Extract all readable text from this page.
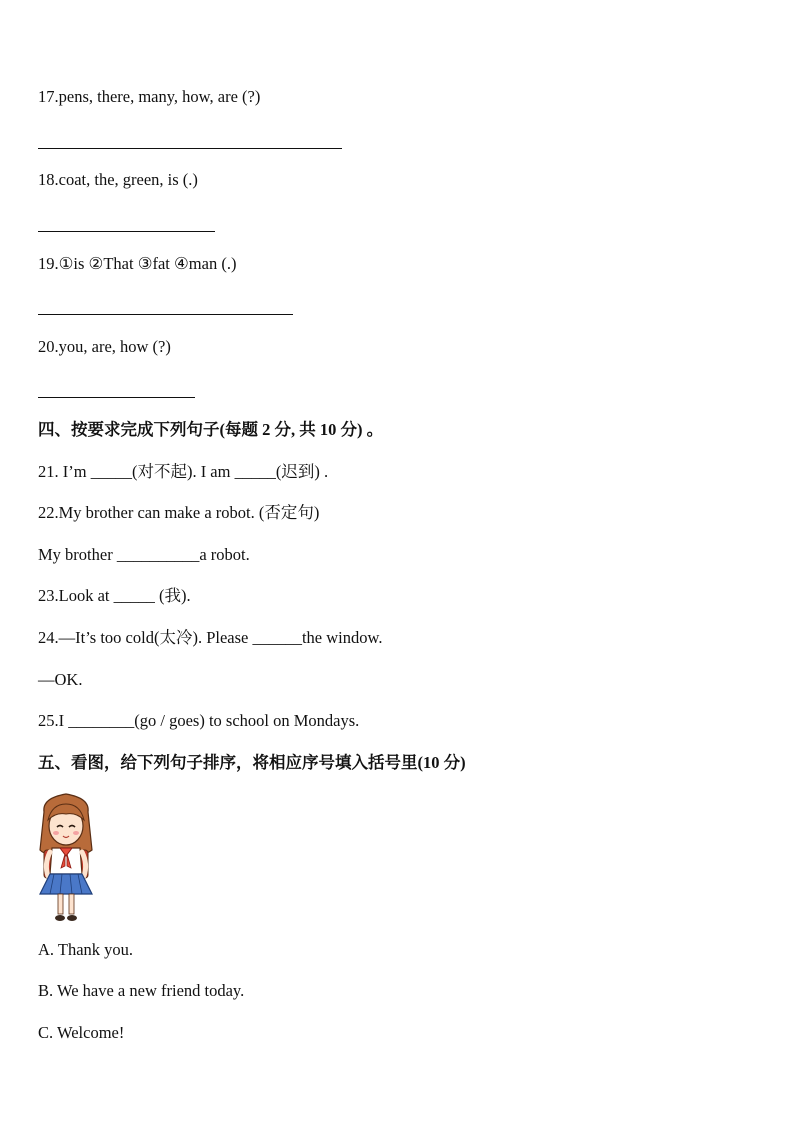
17.pens, there, many, how, are (?)
18.coat, the, green, is (.)
19.①is ②That ③fat ④man (.)
20.you, are, how (?)
四、按要求完成下列句子(每题 2 分, 共 10 分) 。
21. I’m _____(对不起). I am _____(迟到) .
22.My brother can make a robot. (否定句)
My brother __________a robot.
23.Look at _____ (我).
24.—It’s too cold(太冷). Please ______the window.
—OK.
25.I ________(go / goes) to school on Mondays.
五、看图，给下列句子排序，将相应序号填入括号里(10 分)
A. Thank you.
B. We have a new friend today.
C. Welcome!
